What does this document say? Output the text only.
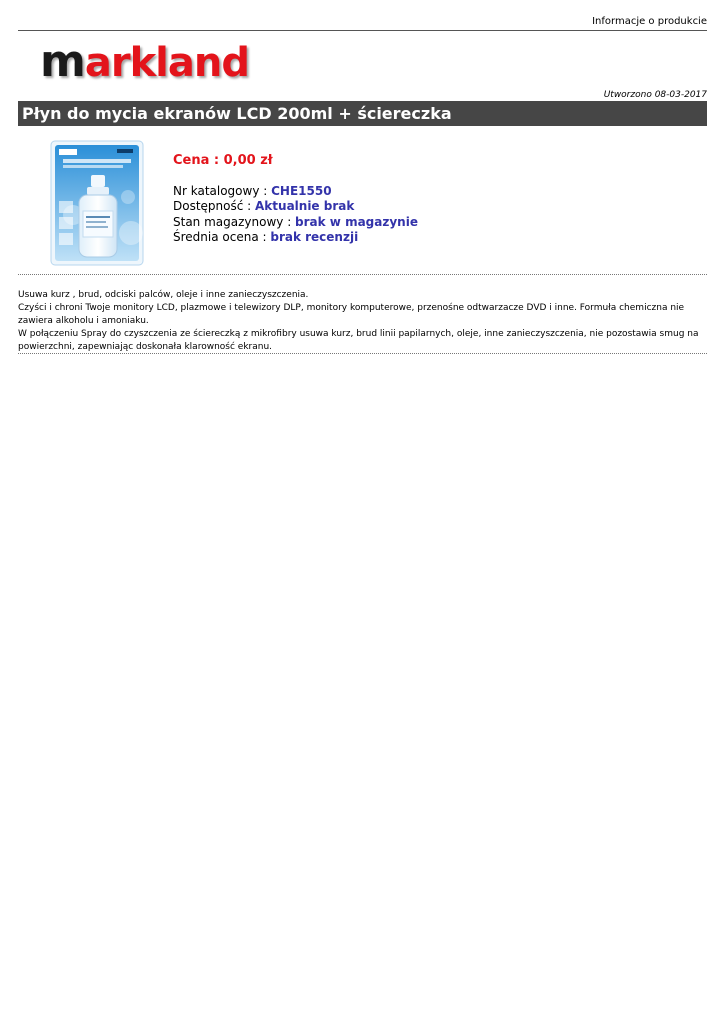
Informacje o produkcie
markland
Utworzono 08-03-2017
Płyn do mycia ekranów LCD 200ml + ściereczka
Cena : 0,00 zł
Nr katalogowy : CHE1550
Dostępność : Aktualnie brak
Stan magazynowy : brak w magazynie
Średnia ocena : brak recenzji

Usuwa kurz , brud, odciski palców, oleje i inne zanieczyszczenia.

Czyści i chroni Twoje monitory LCD, plazmowe i telewizory DLP, monitory komputerowe, przenośne odtwarzacze DVD i inne. Formuła chemiczna nie zawiera alkoholu i amoniaku.

W połączeniu Spray do czyszczenia ze ściereczką z mikrofibry usuwa kurz, brud linii papilarnych, oleje, inne zanieczyszczenia, nie pozostawia smug na powierzchni, zapewniając doskonała klarowność ekranu.
